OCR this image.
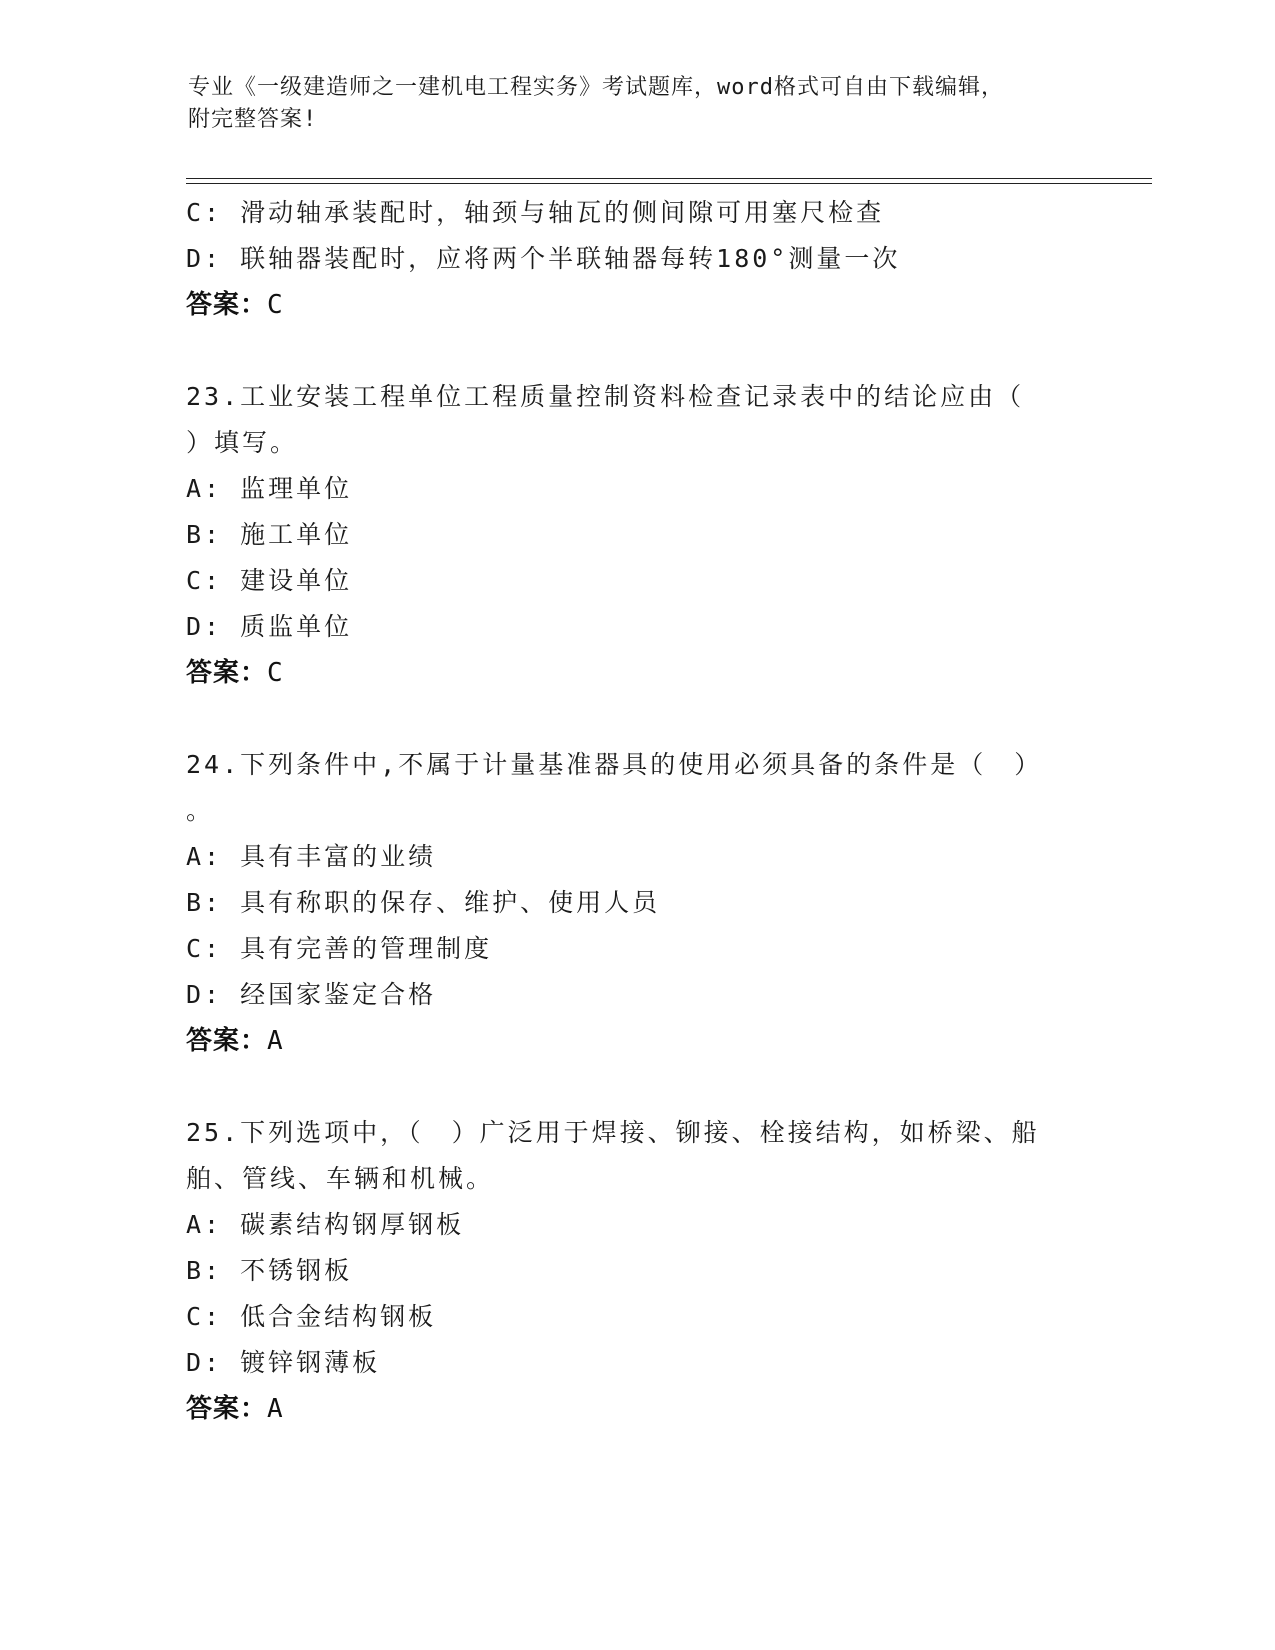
专业《一级建造师之一建机电工程实务》考试题库，word格式可自由下载编辑，
附完整答案!
C: 滑动轴承装配时，轴颈与轴瓦的侧间隙可用塞尺检查
D: 联轴器装配时，应将两个半联轴器每转180°测量一次
答案：C
23.工业安装工程单位工程质量控制资料检查记录表中的结论应由（
）填写。
A: 监理单位
B: 施工单位
C: 建设单位
D: 质监单位
答案：C
24.下列条件中,不属于计量基准器具的使用必须具备的条件是（　）
。
A: 具有丰富的业绩
B: 具有称职的保存、维护、使用人员
C: 具有完善的管理制度
D: 经国家鉴定合格
答案：A
25.下列选项中，（　）广泛用于焊接、铆接、栓接结构，如桥梁、船
舶、管线、车辆和机械。
A: 碳素结构钢厚钢板
B: 不锈钢板
C: 低合金结构钢板
D: 镀锌钢薄板
答案：A
